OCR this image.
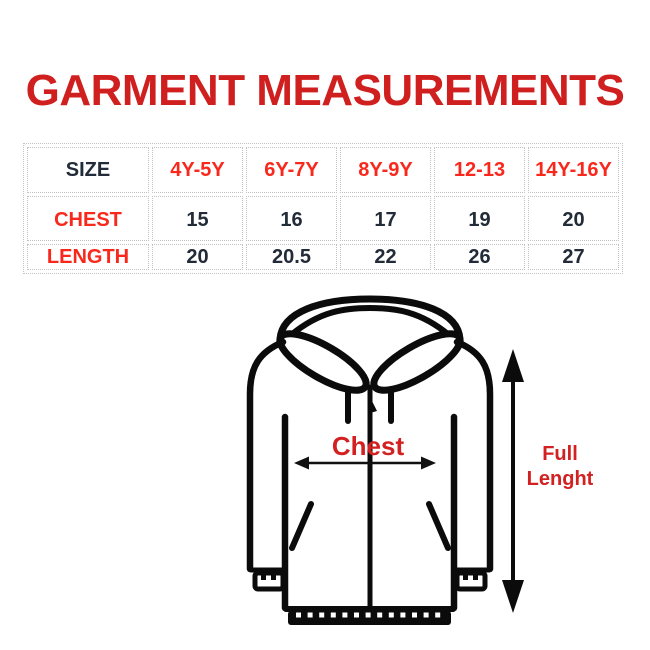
GARMENT MEASUREMENTS
SIZE	4Y-5Y	6Y-7Y	8Y-9Y	12-13	14Y-16Y
CHEST	15	16	17	19	20
LENGTH	20	20.5	22	26	27
Chest	Full
Lenght
